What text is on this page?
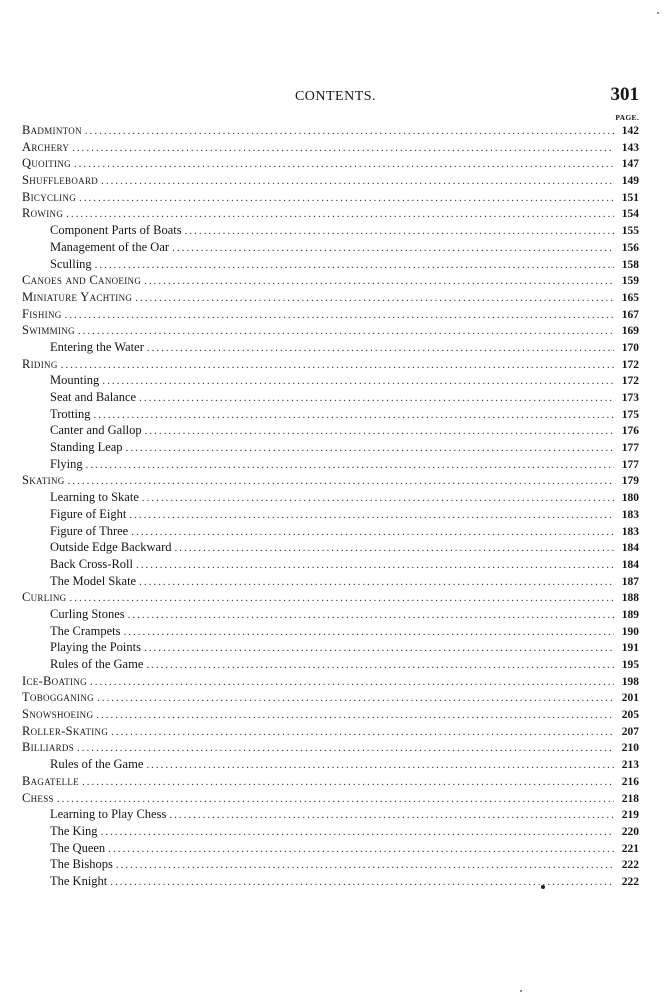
CONTENTS.	301
PAGE.
Badminton .....	142
Archery .....	143
Quoiting .....	147
Shuffleboard .....	149
Bicycling .....	151
Rowing .....	154
Component Parts of Boats .....	155
Management of the Oar .....	156
Sculling .....	158
Canoes and Canoeing .....	159
Miniature Yachting .....	165
Fishing .....	167
Swimming .....	169
Entering the Water .....	170
Riding .....	172
Mounting .....	172
Seat and Balance .....	173
Trotting .....	175
Canter and Gallop .....	176
Standing Leap .....	177
Flying .....	177
Skating .....	179
Learning to Skate .....	180
Figure of Eight .....	183
Figure of Three .....	183
Outside Edge Backward .....	184
Back Cross-Roll .....	184
The Model Skate .....	187
Curling .....	188
Curling Stones .....	189
The Crampets .....	190
Playing the Points .....	191
Rules of the Game .....	195
Ice-Boating .....	198
Tobogganing .....	201
Snowshoeing .....	205
Roller-Skating .....	207
Billiards .....	210
Rules of the Game .....	213
Bagatelle .....	216
Chess .....	218
Learning to Play Chess .....	219
The King .....	220
The Queen .....	221
The Bishops .....	222
The Knight .....	222
